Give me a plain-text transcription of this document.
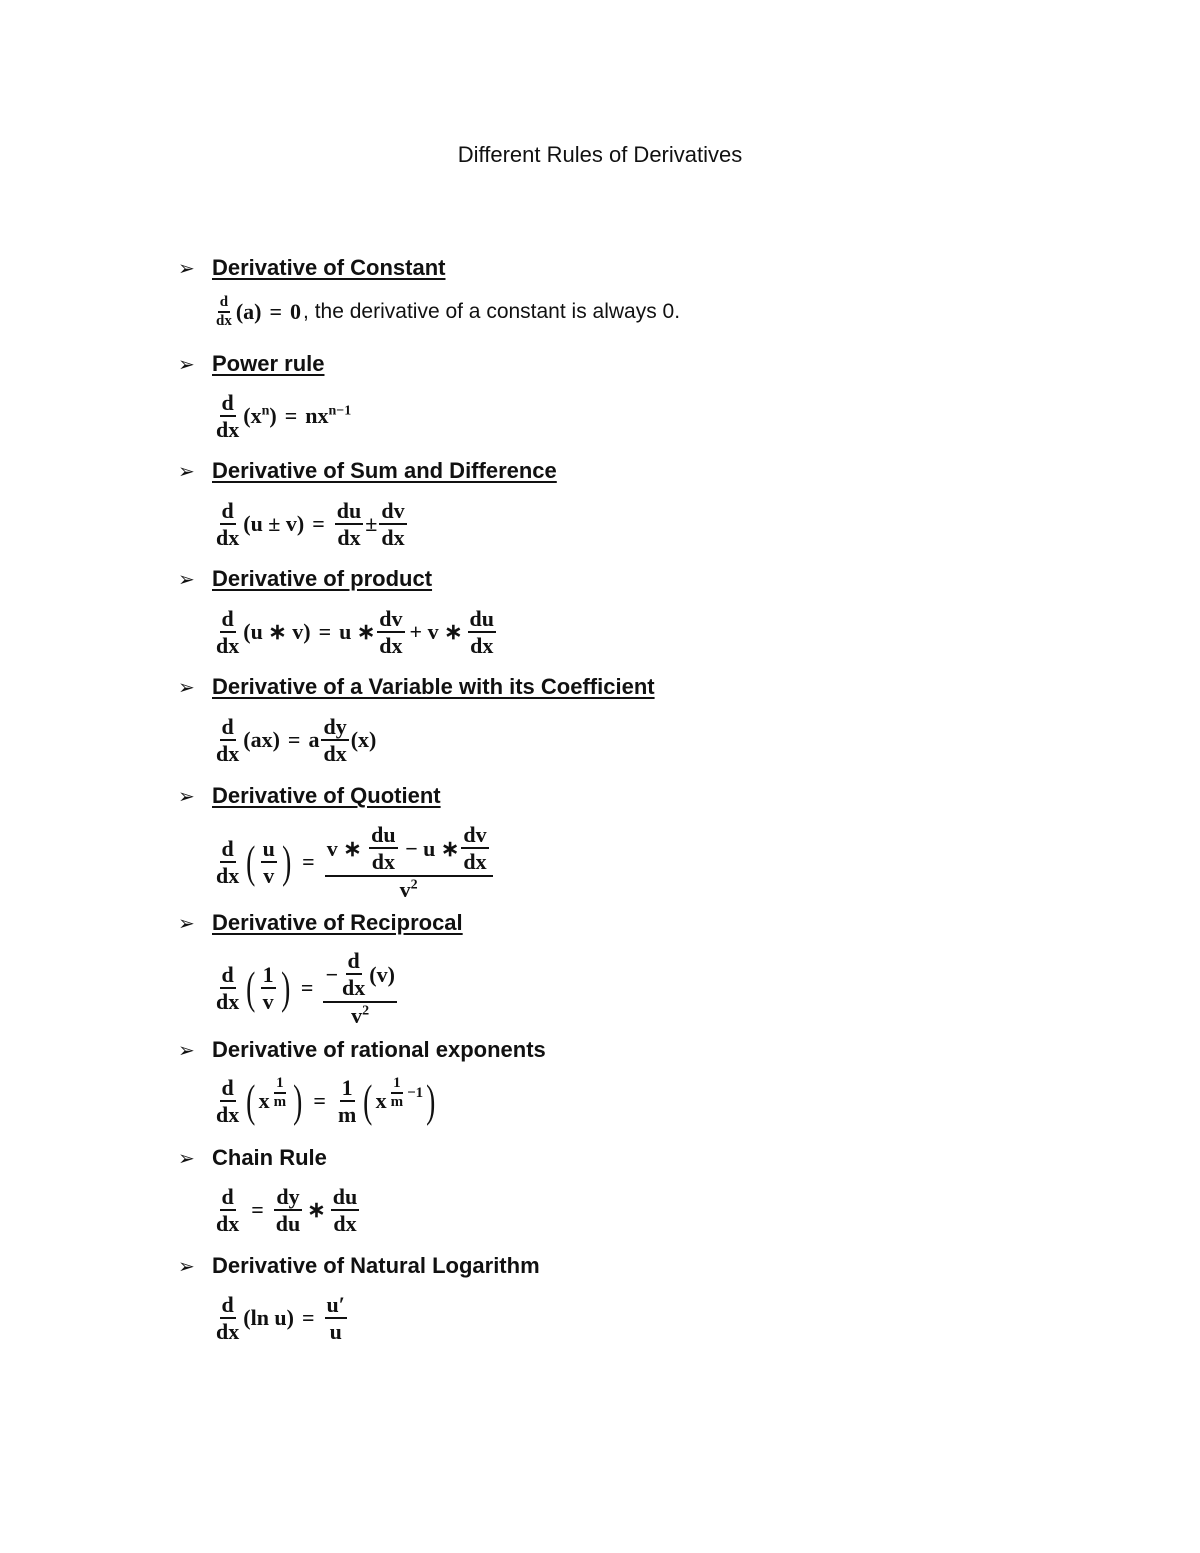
Different Rules of Derivatives
➢ Derivative of Constant
$\frac{d}{dx} (a) = 0$ , the derivative of a constant is always 0.
➢ Power rule
$\frac{d}{dx} (x^n) = nx^{n-1}$
➢ Derivative of Sum and Difference
$\frac{d}{dx} (u \pm v) = \frac{du}{dx} \pm \frac{dv}{dx}$
➢ Derivative of product
$\frac{d}{dx} (u$ ∗ v) = u ∗ $\frac{dv}{dx} + v$ ∗ $\frac{du}{dx}$
➢ Derivative of a Variable with its Coefficient
$\frac{d}{dx} (ax) = a \frac{dy}{dx} (x)$
➢ Derivative of Quotient
$\frac{d}{dx}$ ( $\frac{u}{v}$ ) = $\frac{v ∗ \frac{du}{dx} - u ∗ \frac{dv}{dx}}{v^2}$
➢ Derivative of Reciprocal
$\frac{d}{dx}$ ( $\frac{1}{v}$ ) = $\frac{- \frac{d}{dx} (v)}{v^2}$
➢ Derivative of rational exponents
$\frac{d}{dx}$ ( x $\frac{1}{m}$ ) = $\frac{1}{m}$ ( x $\frac{1}{m} -1$ )
➢ Chain Rule
$\frac{d}{dx} = \frac{dy}{du}$ ∗ $\frac{du}{dx}$
➢ Derivative of Natural Logarithm
$\frac{d}{dx} (\ln$ $u) = \frac{u'}{u}$
